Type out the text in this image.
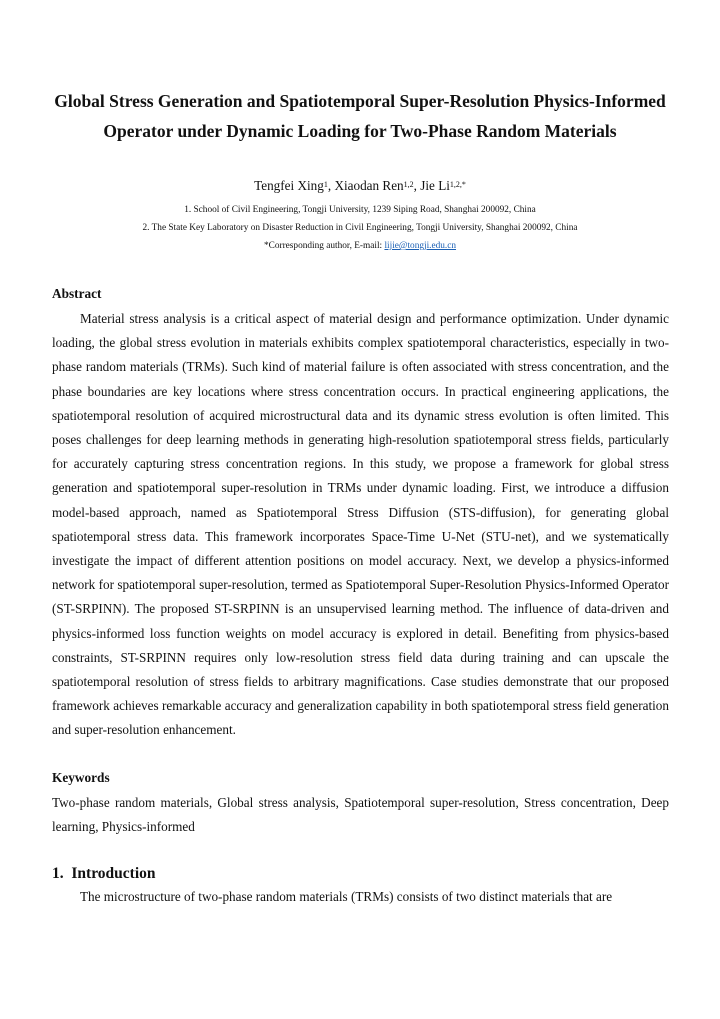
Global Stress Generation and Spatiotemporal Super-Resolution Physics-Informed Operator under Dynamic Loading for Two-Phase Random Materials
Tengfei Xing$^1$, Xiaodan Ren$^{1,2}$, Jie $Li^{1,2,*}$
1. School of Civil Engineering, Tongji University, 1239 Siping Road, Shanghai 200092, China
2. The State Key Laboratory on Disaster Reduction in Civil Engineering, Tongji University, Shanghai 200092, China
*Corresponding author, E-mail: lijie@tongji.edu.cn
Abstract

Material stress analysis is a critical aspect of material design and performance optimization. Under dynamic loading, the global stress evolution in materials exhibits complex spatiotemporal characteristics, especially in two-phase random materials (TRMs). Such kind of material failure is often associated with stress concentration, and the phase boundaries are key locations where stress concentration occurs. In practical engineering applications, the spatiotemporal resolution of acquired microstructural data and its dynamic stress evolution is often limited. This poses challenges for deep learning methods in generating high-resolution spatiotemporal stress fields, particularly for accurately capturing stress concentration regions. In this study, we propose a framework for global stress generation and spatiotemporal super-resolution in TRMs under dynamic loading. First, we introduce a diffusion model-based approach, named as Spatiotemporal Stress Diffusion (STS-diffusion), for generating global spatiotemporal stress data. This framework incorporates Space-Time U-Net (STU-net), and we systematically investigate the impact of different attention positions on model accuracy. Next, we develop a physics-informed network for spatiotemporal super-resolution, termed as Spatiotemporal Super-Resolution Physics-Informed Operator (ST-SRPINN). The proposed ST-SRPINN is an unsupervised learning method. The influence of data-driven and physics-informed loss function weights on model accuracy is explored in detail. Benefiting from physics-based constraints, ST-SRPINN requires only low-resolution stress field data during training and can upscale the spatiotemporal resolution of stress fields to arbitrary magnifications. Case studies demonstrate that our proposed framework achieves remarkable accuracy and generalization capability in both spatiotemporal stress field generation and super-resolution enhancement.

Keywords

Two-phase random materials, Global stress analysis, Spatiotemporal super-resolution, Stress concentration, Deep learning, Physics-informed

1. Introduction
The microstructure of two-phase random materials (TRMs) consists of two distinct materials that are
